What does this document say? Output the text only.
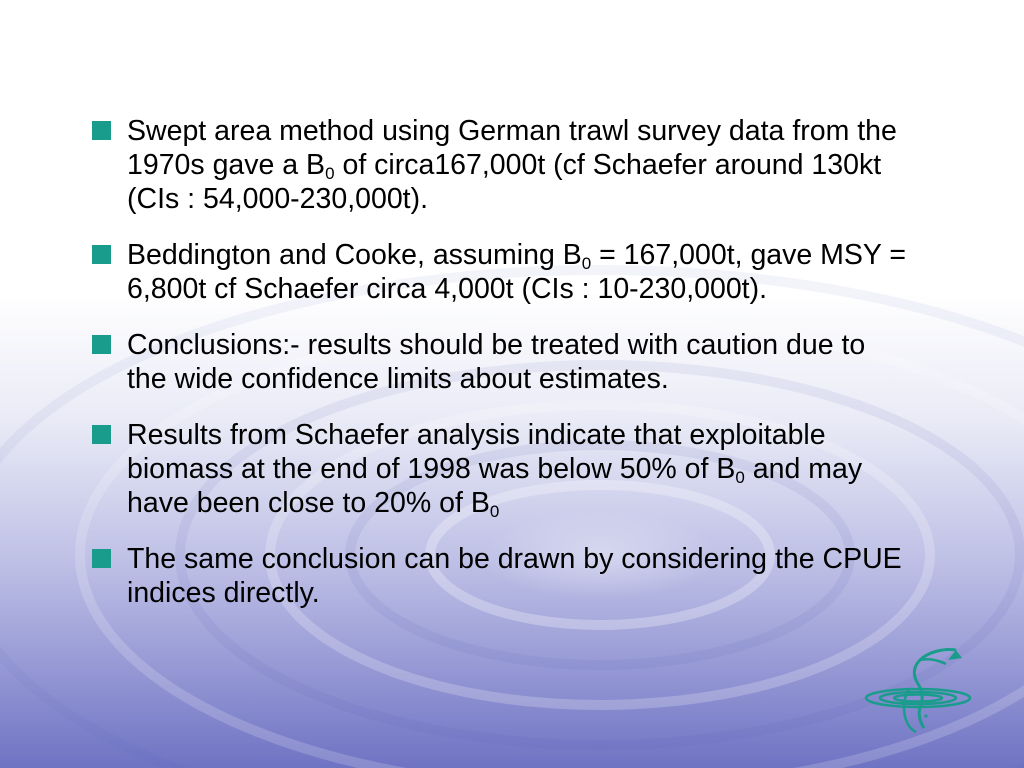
Swept area method using German trawl survey data from the 1970s gave a $B_0$ of circa167,000t (cf Schaefer around 130kt (CIs : 54,000-230,000t).
Beddington and Cooke, assuming $B_0 = 167,000t$, gave MSY = 6,800t cf Schaefer circa 4,000t (CIs : 10-230,000t).
Conclusions:- results should be treated with caution due to the wide confidence limits about estimates.
Results from Schaefer analysis indicate that exploitable biomass at the end of 1998 was below 50% of $B_0$ and may have been close to 20% of $B_0$
The same conclusion can be drawn by considering the CPUE indices directly.
